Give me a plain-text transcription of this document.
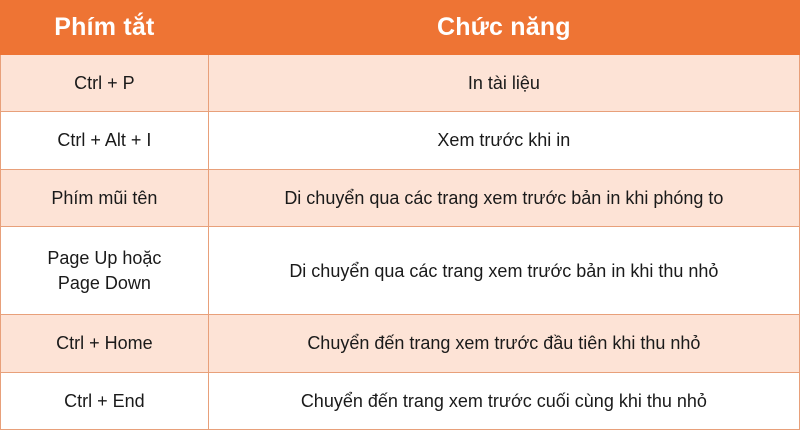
Phím tắt	Chức năng
Ctrl + P	In tài liệu
Ctrl + Alt + I	Xem trước khi in
Phím mũi tên	Di chuyển qua các trang xem trước bản in khi phóng to
Page Up hoặc
Page Down	Di chuyển qua các trang xem trước bản in khi thu nhỏ
Ctrl + Home	Chuyển đến trang xem trước đầu tiên khi thu nhỏ
Ctrl + End	Chuyển đến trang xem trước cuối cùng khi thu nhỏ
